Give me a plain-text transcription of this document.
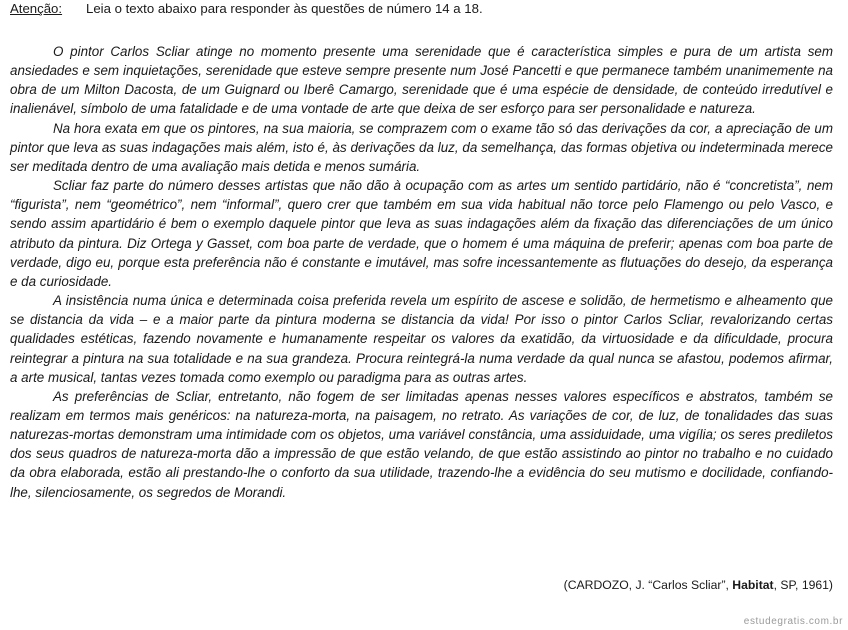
Atenção: Leia o texto abaixo para responder às questões de número 14 a 18.

O pintor Carlos Scliar atinge no momento presente uma serenidade que é característica simples e pura de um artista sem ansiedades e sem inquietações, serenidade que esteve sempre presente num José Pancetti e que permanece também unanimemente na obra de um Milton Dacosta, de um Guignard ou Iberê Camargo, serenidade que é uma espécie de densidade, de conteúdo irredutível e inalienável, símbolo de uma fatalidade e de uma vontade de arte que deixa de ser esforço para ser personalidade e natureza.

Na hora exata em que os pintores, na sua maioria, se comprazem com o exame tão só das derivações da cor, a apreciação de um pintor que leva as suas indagações mais além, isto é, às derivações da luz, da semelhança, das formas objetiva ou indeterminada merece ser meditada dentro de uma avaliação mais detida e menos sumária.

Scliar faz parte do número desses artistas que não dão à ocupação com as artes um sentido partidário, não é “concretista”, nem “figurista”, nem “geométrico”, nem “informal”, quero crer que também em sua vida habitual não torce pelo Flamengo ou pelo Vasco, e sendo assim apartidário é bem o exemplo daquele pintor que leva as suas indagações além da fixação das diferenciações de um único atributo da pintura. Diz Ortega y Gasset, com boa parte de verdade, que o homem é uma máquina de preferir; apenas com boa parte de verdade, digo eu, porque esta preferência não é constante e imutável, mas sofre incessantemente as flutuações do desejo, da esperança e da curiosidade.

A insistência numa única e determinada coisa preferida revela um espírito de ascese e solidão, de hermetismo e alheamento que se distancia da vida – e a maior parte da pintura moderna se distancia da vida! Por isso o pintor Carlos Scliar, revalorizando certas qualidades estéticas, fazendo novamente e humanamente respeitar os valores da exatidão, da virtuosidade e da dificuldade, procura reintegrar a pintura na sua totalidade e na sua grandeza. Procura reintegrá-la numa verdade da qual nunca se afastou, podemos afirmar, a arte musical, tantas vezes tomada como exemplo ou paradigma para as outras artes.

As preferências de Scliar, entretanto, não fogem de ser limitadas apenas nesses valores específicos e abstratos, também se realizam em termos mais genéricos: na natureza-morta, na paisagem, no retrato. As variações de cor, de luz, de tonalidades das suas naturezas-mortas demonstram uma intimidade com os objetos, uma variável constância, uma assiduidade, uma vigília; os seres prediletos dos seus quadros de natureza-morta dão a impressão de que estão velando, de que estão assistindo ao pintor no trabalho e no cuidado da obra elaborada, estão ali prestando-lhe o conforto da sua utilidade, trazendo-lhe a evidência do seu mutismo e docilidade, confiando-lhe, silenciosamente, os segredos de Morandi.

(CARDOZO, J. “Carlos Scliar”, Habitat, SP, 1961)
estudegratis.com.br
